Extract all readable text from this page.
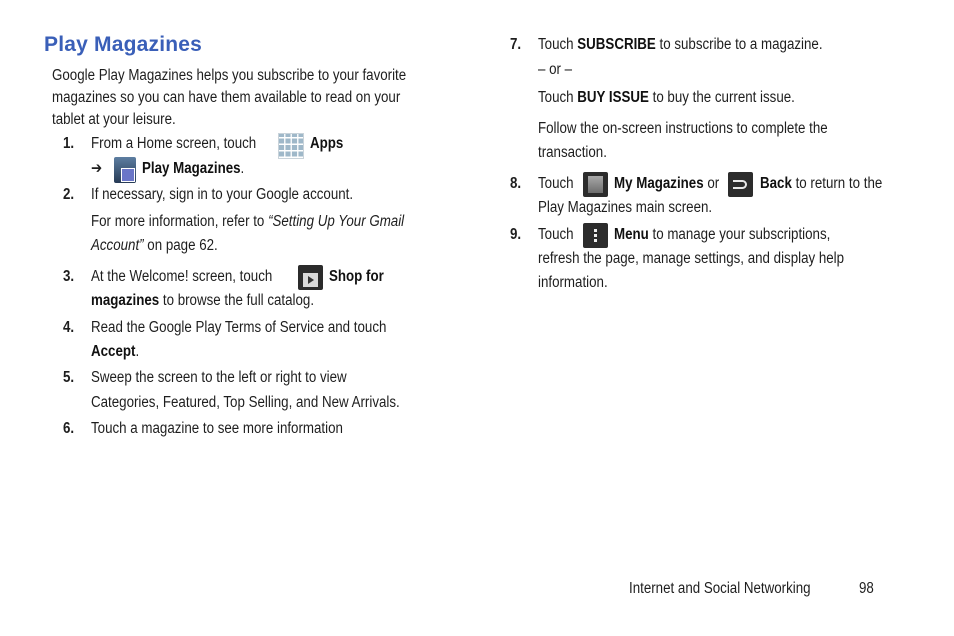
Play Magazines
Google Play Magazines helps you subscribe to your favorite
magazines so you can have them available to read on your
tablet at your leisure.
1. From a Home screen, touch	Apps
➔	Play Magazines.
2. If necessary, sign in to your Google account.
For more information, refer to “Setting Up Your Gmail
Account” on page 62.
3. At the Welcome! screen, touch	Shop for
magazines to browse the full catalog.
4. Read the Google Play Terms of Service and touch
Accept.
5. Sweep the screen to the left or right to view
Categories, Featured, Top Selling, and New Arrivals.
6. Touch a magazine to see more information
7. Touch SUBSCRIBE to subscribe to a magazine.
– or –
Touch BUY ISSUE to buy the current issue.
Follow the on-screen instructions to complete the
transaction.
8. Touch	My Magazines or	Back to return to the
Play Magazines main screen.
9. Touch	Menu to manage your subscriptions,
refresh the page, manage settings, and display help
information.
Internet and Social Networking	98
